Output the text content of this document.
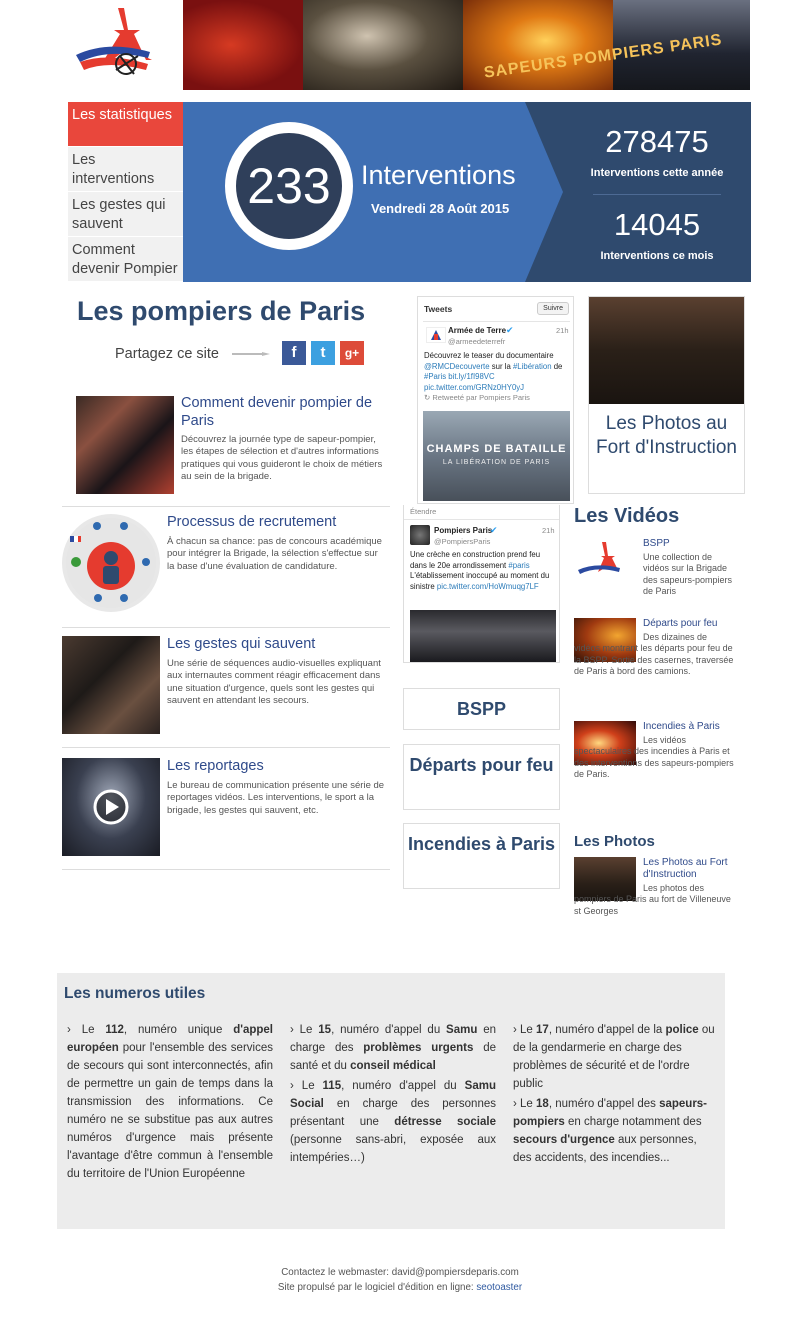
SAPEURS POMPIERS PARIS
Les statistiques
Les interventions
Les gestes qui sauvent
Comment devenir Pompier
233	Interventions
Vendredi 28 Août 2015
278475
Interventions cette année
14045
Interventions ce mois
Les pompiers de Paris
Partagez ce site	f	t	g+
Comment devenir pompier de Paris

Découvrez la journée type de sapeur-pompier, les étapes de sélection et d'autres informations pratiques qui vous guideront le choix de métiers au sein de la brigade.

Processus de recrutement

À chacun sa chance: pas de concours académique pour intégrer la Brigade, la sélection s'effectue sur la base d'une évaluation de candidature.

Les gestes qui sauvent

Une série de séquences audio-visuelles expliquant aux internautes comment réagir efficacement dans une situation d'urgence, quels sont les gestes qui sauvent en attendant les secours.

Les reportages

Le bureau de communication présente une série de reportages vidéos. Les interventions, le sport a la brigade, les gestes qui sauvent, etc.

Tweets	Suivre
Armée de Terre ✔
@armeedeterrefr
21h
Découvrez le teaser du documentaire @RMCDecouverte sur la #Libération de #Paris bit.ly/1fI98VC pic.twitter.com/GRNz0HY0yJ
↻ Retweeté par Pompiers Paris
CHAMPS DE BATAILLE
LA LIBÉRATION DE PARIS
Étendre
Pompiers Paris
✔
@PompiersParis
21h
Une crèche en construction prend feu dans le 20e arrondissement #paris L'établissement inoccupé au moment du sinistre pic.twitter.com/HoWmuqg7LF
BSPP
Départs pour feu
Incendies à Paris
Les Photos au Fort d'Instruction
Les Vidéos
BSPP

Une collection de vidéos sur la Brigade des sapeurs-pompiers de Paris

Départs pour feu

Des dizaines de vidéos montrant les départs pour feu de la BSPP. Sortie des casernes, traversée de Paris à bord des camions.

Incendies à Paris

Les vidéos spectaculaires des incendies à Paris et des interventions des sapeurs-pompiers de Paris.

Les Photos
Les Photos au Fort d'Instruction

Les photos des pompiers de Paris au fort de Villeneuve st Georges

Les numeros utiles

› Le 112, numéro unique d'appel européen pour l'ensemble des services de secours qui sont interconnectés, afin de permettre un gain de temps dans la transmission des informations. Ce numéro ne se substitue pas aux autres numéros d'urgence mais présente l'avantage d'être commun à l'ensemble du territoire de l'Union Européenne

› Le 15, numéro d'appel du Samu en charge des problèmes urgents de santé et du conseil médical

› Le 115, numéro d'appel du Samu Social en charge des personnes présentant une détresse sociale (personne sans-abri, exposée aux intempéries…)

› Le 17, numéro d'appel de la police ou de la gendarmerie en charge des problèmes de sécurité et de l'ordre public

› Le 18, numéro d'appel des sapeurs-pompiers en charge notamment des secours d'urgence aux personnes, des accidents, des incendies...

Contactez le webmaster: david@pompiersdeparis.com
Site propulsé par le logiciel d'édition en ligne: seotoaster
